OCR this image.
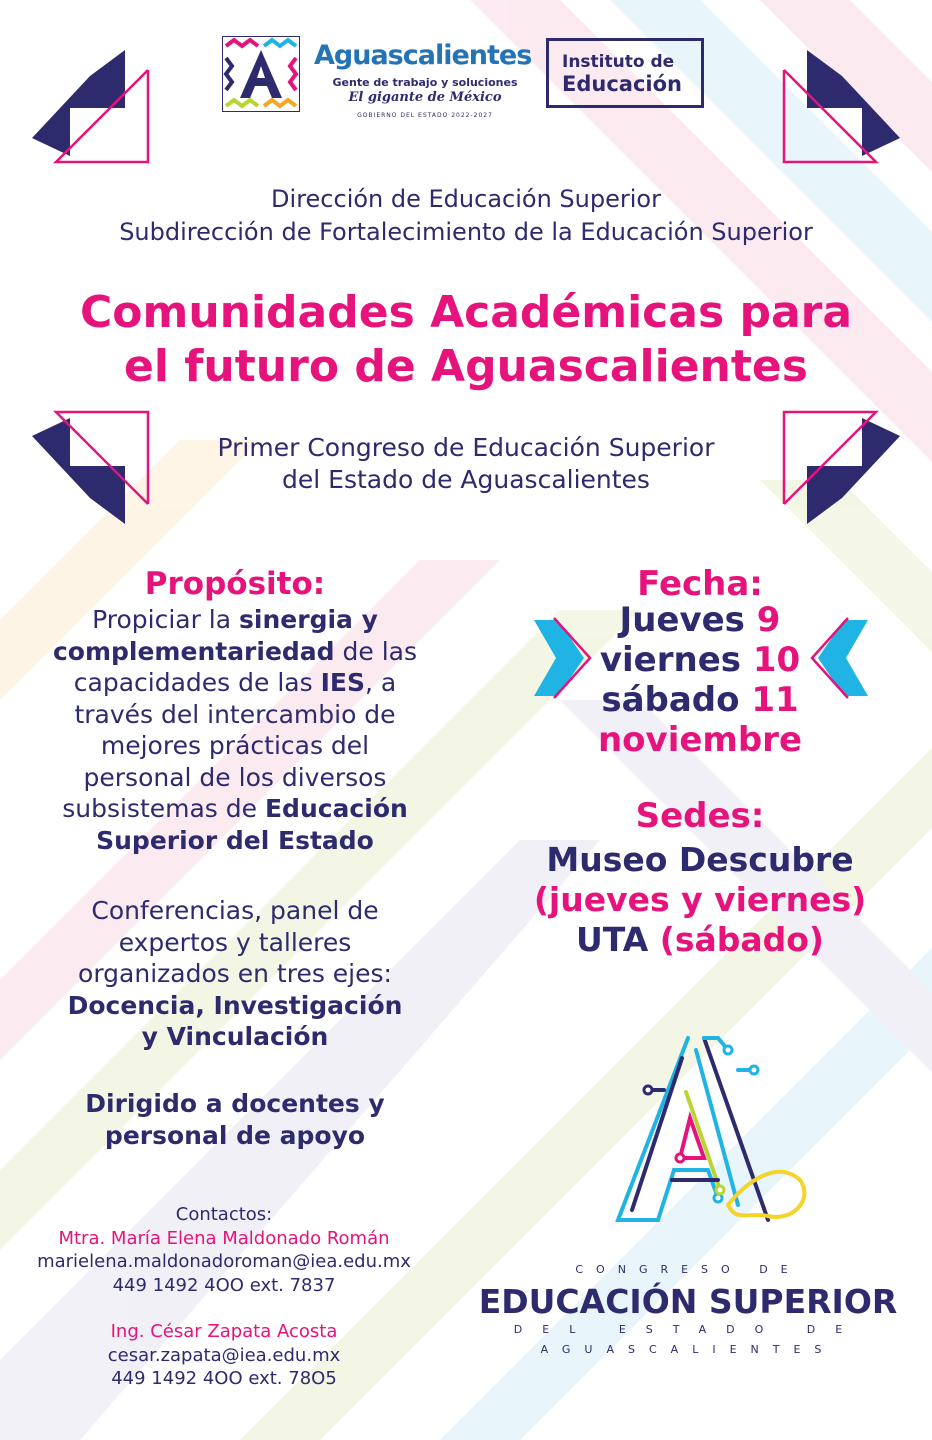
Aguascalientes
Gente de trabajo y soluciones
El gigante de México
GOBIERNO DEL ESTADO 2022-2027
Instituto de
Educación
Dirección de Educación Superior
Subdirección de Fortalecimiento de la Educación Superior
Comunidades Académicas para
el futuro de Aguascalientes
Primer Congreso de Educación Superior
del Estado de Aguascalientes
Propósito:
Propiciar la sinergia y
complementariedad de las
capacidades de las IES, a
través del intercambio de
mejores prácticas del
personal de los diversos
subsistemas de Educación
Superior del Estado
Conferencias, panel de
expertos y talleres
organizados en tres ejes:
Docencia, Investigación
y Vinculación
Dirigido a docentes y
personal de apoyo
Fecha:
Jueves 9
viernes 10
sábado 11
noviembre
Sedes:
Museo Descubre
(jueves y viernes)
UTA (sábado)
Contactos:
Mtra. María Elena Maldonado Román
marielena.maldonadoroman@iea.edu.mx
449 1492 4OO ext. 7837
Ing. César Zapata Acosta
cesar.zapata@iea.edu.mx
449 1492 4OO ext. 78O5
CONGRESO DE
EDUCACIÓN SUPERIOR
DEL ESTADO DE
AGUASCALIENTES
